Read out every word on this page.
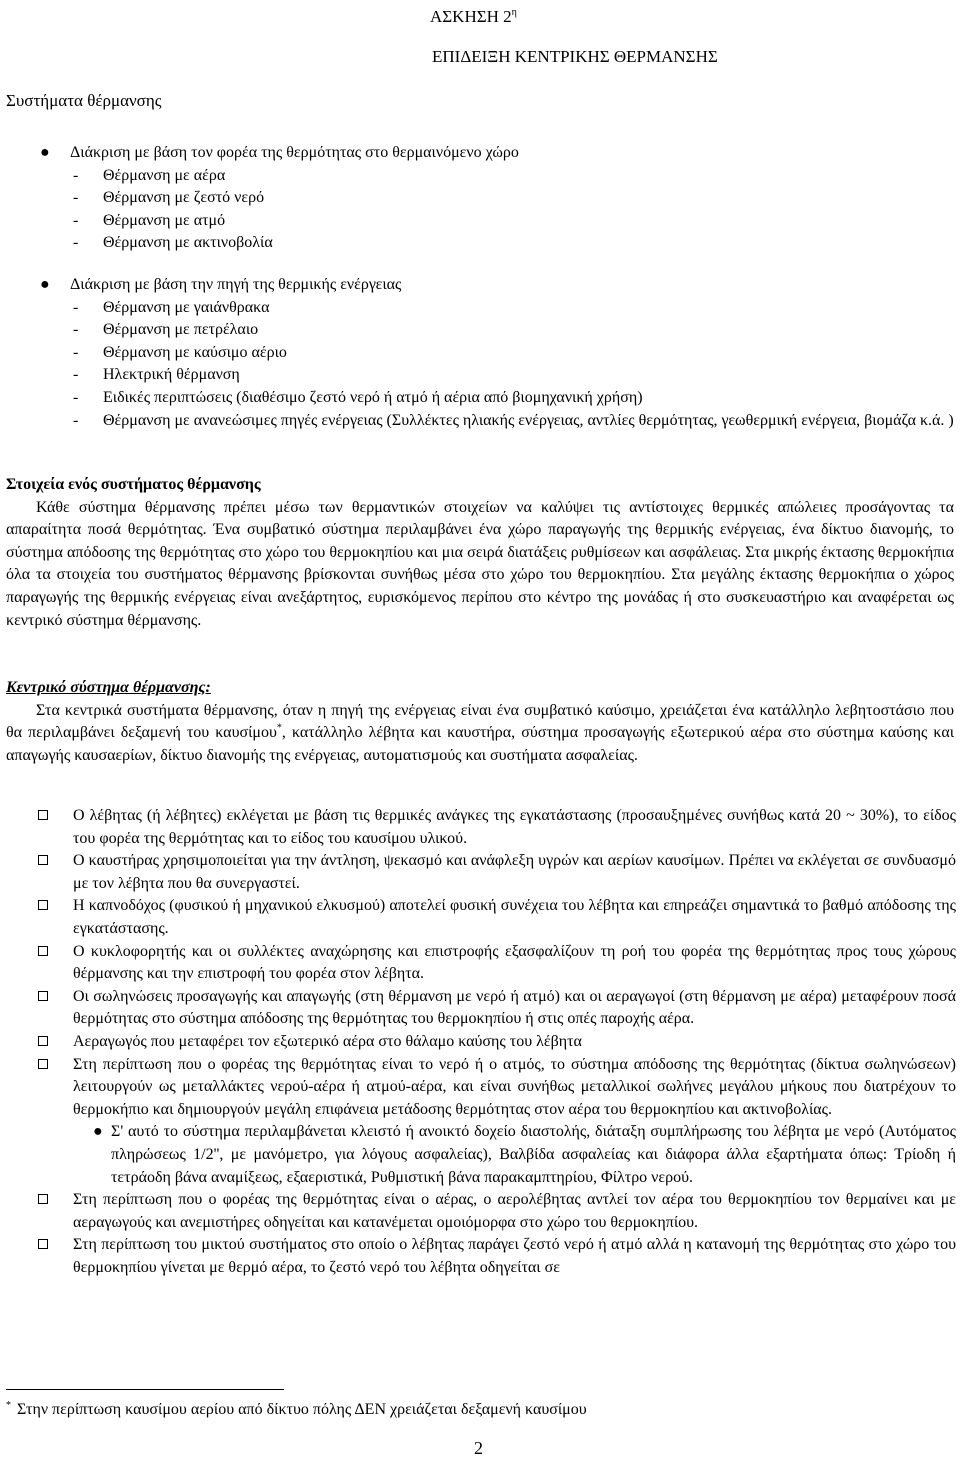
ΑΣΚΗΣΗ $2^\eta$
ΕΠΙΔΕΙΞΗ ΚΕΝΤΡΙΚΗΣ ΘΕΡΜΑΝΣΗΣ
Συστήματα θέρμανσης
● Διάκριση με βάση τον φορέα της θερμότητας στο θερμαινόμενο χώρο
- Θέρμανση με αέρα
- Θέρμανση με ζεστό νερό
- Θέρμανση με ατμό
- Θέρμανση με ακτινοβολία
● Διάκριση με βάση την πηγή της θερμικής ενέργειας
- Θέρμανση με γαιάνθρακα
- Θέρμανση με πετρέλαιο
- Θέρμανση με καύσιμο αέριο
- Ηλεκτρική θέρμανση
- Ειδικές περιπτώσεις (διαθέσιμο ζεστό νερό ή ατμό ή αέρια από βιομηχανική χρήση)
- Θέρμανση με ανανεώσιμες πηγές ενέργειας (Συλλέκτες ηλιακής ενέργειας, αντλίες θερμότητας, γεωθερμική ενέργεια, βιομάζα κ.ά. )
Στοιχεία ενός συστήματος θέρμανσης
Κάθε σύστημα θέρμανσης πρέπει μέσω των θερμαντικών στοιχείων να καλύψει τις αντίστοιχες θερμικές απώλειες προσάγοντας τα απαραίτητα ποσά θερμότητας. Ένα συμβατικό σύστημα περιλαμβάνει ένα χώρο παραγωγής της θερμικής ενέργειας, ένα δίκτυο διανομής, το σύστημα απόδοσης της θερμότητας στο χώρο του θερμοκηπίου και μια σειρά διατάξεις ρυθμίσεων και ασφάλειας. Στα μικρής έκτασης θερμοκήπια όλα τα στοιχεία του συστήματος θέρμανσης βρίσκονται συνήθως μέσα στο χώρο του θερμοκηπίου. Στα μεγάλης έκτασης θερμοκήπια ο χώρος παραγωγής της θερμικής ενέργειας είναι ανεξάρτητος, ευρισκόμενος περίπου στο κέντρο της μονάδας ή στο συσκευαστήριο και αναφέρεται ως κεντρικό σύστημα θέρμανσης.
Κεντρικό σύστημα θέρμανσης:
Στα κεντρικά συστήματα θέρμανσης, όταν η πηγή της ενέργειας είναι ένα συμβατικό καύσιμο, χρειάζεται ένα κατάλληλο λεβητοστάσιο που θα περιλαμβάνει δεξαμενή του καυσίμου*, κατάλληλο λέβητα και καυστήρα, σύστημα προσαγωγής εξωτερικού αέρα στο σύστημα καύσης και απαγωγής καυσαερίων, δίκτυο διανομής της ενέργειας, αυτοματισμούς και συστήματα ασφαλείας.
Ο λέβητας (ή λέβητες) εκλέγεται με βάση τις θερμικές ανάγκες της εγκατάστασης (προσαυξημένες συνήθως κατά 20 ~ 30%), το είδος του φορέα της θερμότητας και το είδος του καυσίμου υλικού.
Ο καυστήρας χρησιμοποιείται για την άντληση, ψεκασμό και ανάφλεξη υγρών και αερίων καυσίμων. Πρέπει να εκλέγεται σε συνδυασμό με τον λέβητα που θα συνεργαστεί.
Η καπνοδόχος (φυσικού ή μηχανικού ελκυσμού) αποτελεί φυσική συνέχεια του λέβητα και επηρεάζει σημαντικά το βαθμό απόδοσης της εγκατάστασης.
Ο κυκλοφορητής και οι συλλέκτες αναχώρησης και επιστροφής εξασφαλίζουν τη ροή του φορέα της θερμότητας προς τους χώρους θέρμανσης και την επιστροφή του φορέα στον λέβητα.
Οι σωληνώσεις προσαγωγής και απαγωγής (στη θέρμανση με νερό ή ατμό) και οι αεραγωγοί (στη θέρμανση με αέρα) μεταφέρουν ποσά θερμότητας στο σύστημα απόδοσης της θερμότητας του θερμοκηπίου ή στις οπές παροχής αέρα.
Αεραγωγός που μεταφέρει τον εξωτερικό αέρα στο θάλαμο καύσης του λέβητα
Στη περίπτωση που ο φορέας της θερμότητας είναι το νερό ή ο ατμός, το σύστημα απόδοσης της θερμότητας (δίκτυα σωληνώσεων) λειτουργούν ως μεταλλάκτες νερού-αέρα ή ατμού-αέρα, και είναι συνήθως μεταλλικοί σωλήνες μεγάλου μήκους που διατρέχουν το θερμοκήπιο και δημιουργούν μεγάλη επιφάνεια μετάδοσης θερμότητας στον αέρα του θερμοκηπίου και ακτινοβολίας.
● Σ' αυτό το σύστημα περιλαμβάνεται κλειστό ή ανοικτό δοχείο διαστολής, διάταξη συμπλήρωσης του λέβητα με νερό (Αυτόματος πληρώσεως 1/2'', με μανόμετρο, για λόγους ασφαλείας), Βαλβίδα ασφαλείας και διάφορα άλλα εξαρτήματα όπως: Τρίοδη ή τετράοδη βάνα αναμίξεως, εξαεριστικά, Ρυθμιστική βάνα παρακαμπτηρίου, Φίλτρο νερού.
Στη περίπτωση που ο φορέας της θερμότητας είναι ο αέρας, ο αερολέβητας αντλεί τον αέρα του θερμοκηπίου τον θερμαίνει και με αεραγωγούς και ανεμιστήρες οδηγείται και κατανέμεται ομοιόμορφα στο χώρο του θερμοκηπίου.
Στη περίπτωση του μικτού συστήματος στο οποίο ο λέβητας παράγει ζεστό νερό ή ατμό αλλά η κατανομή της θερμότητας στο χώρο του θερμοκηπίου γίνεται με θερμό αέρα, το ζεστό νερό του λέβητα οδηγείται σε
* Στην περίπτωση καυσίμου αερίου από δίκτυο πόλης ΔΕΝ χρειάζεται δεξαμενή καυσίμου
2
